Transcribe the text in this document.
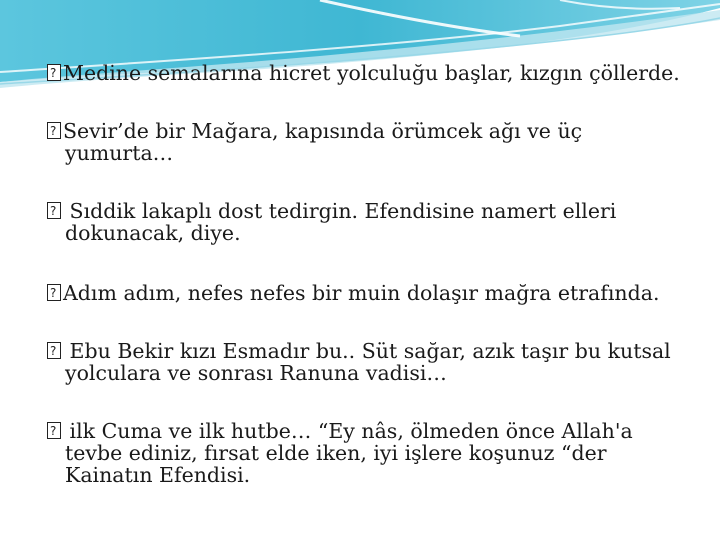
?Medine semalarına hicret yolculuğu başlar, kızgın çöllerde.
?Sevir’de bir Mağara, kapısında örümcek ağı ve üç
yumurta…
? Sıddik lakaplı dost tedirgin. Efendisine namert elleri
dokunacak, diye.
?Adım adım, nefes nefes bir muin dolaşır mağra etrafında.
? Ebu Bekir kızı Esmadır bu.. Süt sağar, azık taşır bu kutsal
yolculara ve sonrası Ranuna vadisi…
? ilk Cuma ve ilk hutbe… “Ey nâs, ölmeden önce Allah'a
tevbe ediniz, fırsat elde iken, iyi işlere koşunuz “der
Kainatın Efendisi.
